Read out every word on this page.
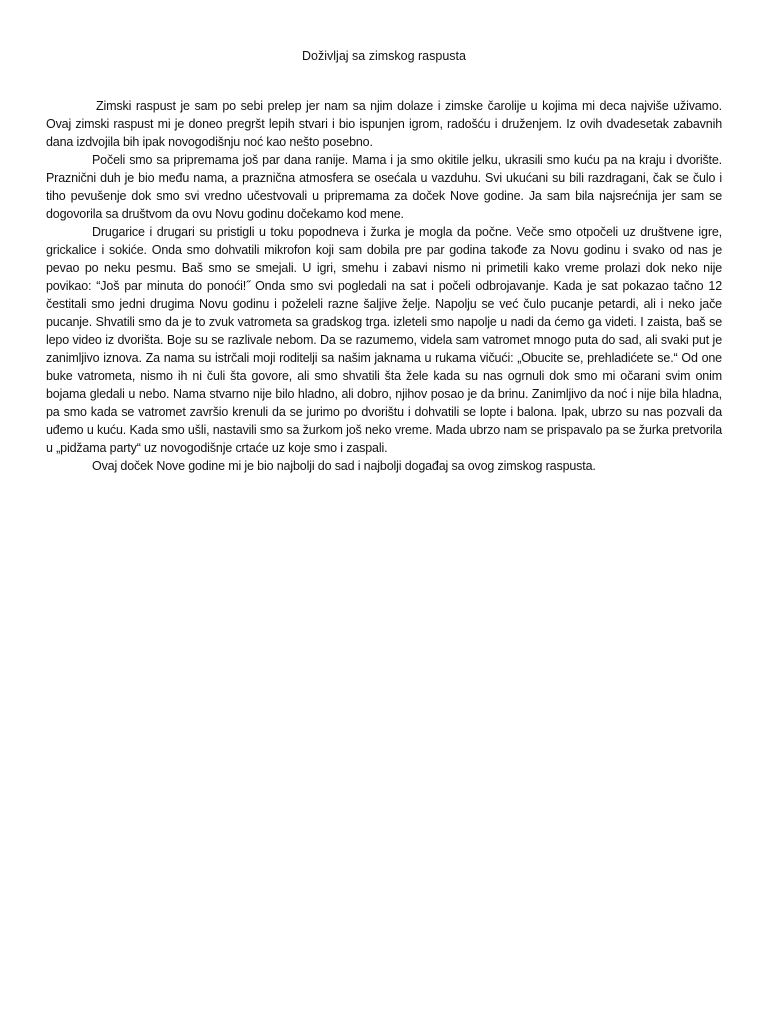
Doživljaj sa zimskog raspusta

Zimski raspust je sam po sebi prelep jer nam sa njim dolaze i zimske čarolije u kojima mi deca najviše uživamo. Ovaj zimski raspust mi je doneo pregršt lepih stvari i bio ispunjen igrom, radošću i druženjem. Iz ovih dvadesetak zabavnih dana izdvojila bih ipak novogodišnju noć kao nešto posebno.

Počeli smo sa pripremama još par dana ranije. Mama i ja smo okitile jelku, ukrasili smo kuću pa na kraju i dvorište. Praznični duh je bio među nama, a praznična atmosfera se osećala u vazduhu. Svi ukućani su bili razdragani, čak se čulo i tiho pevušenje dok smo svi vredno učestvovali u pripremama za doček Nove godine. Ja sam bila najsrećnija jer sam se dogovorila sa društvom da ovu Novu godinu dočekamo kod mene.

Drugarice i drugari su pristigli u toku popodneva i žurka je mogla da počne. Veče smo otpočeli uz društvene igre, grickalice i sokiće. Onda smo dohvatili mikrofon koji sam dobila pre par godina takođe za Novu godinu i svako od nas je pevao po neku pesmu. Baš smo se smejali. U igri, smehu i zabavi nismo ni primetili kako vreme prolazi dok neko nije povikao: “Još par minuta do ponoći!˝ Onda smo svi pogledali na sat i počeli odbrojavanje. Kada je sat pokazao tačno 12 čestitali smo jedni drugima Novu godinu i poželeli razne šaljive želje. Napolju se već čulo pucanje petardi, ali i neko jače pucanje. Shvatili smo da je to zvuk vatrometa sa gradskog trga. izleteli smo napolje u nadi da ćemo ga videti. I zaista, baš se lepo video iz dvorišta. Boje su se razlivale nebom. Da se razumemo, videla sam vatromet mnogo puta do sad, ali svaki put je zanimljivo iznova. Za nama su istrčali moji roditelji sa našim jaknama u rukama vičući: „Obucite se, prehladićete se.“ Od one buke vatrometa, nismo ih ni čuli šta govore, ali smo shvatili šta žele kada su nas ogrnuli dok smo mi očarani svim onim bojama gledali u nebo. Nama stvarno nije bilo hladno, ali dobro, njihov posao je da brinu. Zanimljivo da noć i nije bila hladna, pa smo kada se vatromet završio krenuli da se jurimo po dvorištu i dohvatili se lopte i balona. Ipak, ubrzo su nas pozvali da uđemo u kuću. Kada smo ušli, nastavili smo sa žurkom još neko vreme. Mada ubrzo nam se prispavalo pa se žurka pretvorila u „pidžama party“ uz novogodišnje crtaće uz koje smo i zaspali.

Ovaj doček Nove godine mi je bio najbolji do sad i najbolji događaj sa ovog zimskog raspusta.
